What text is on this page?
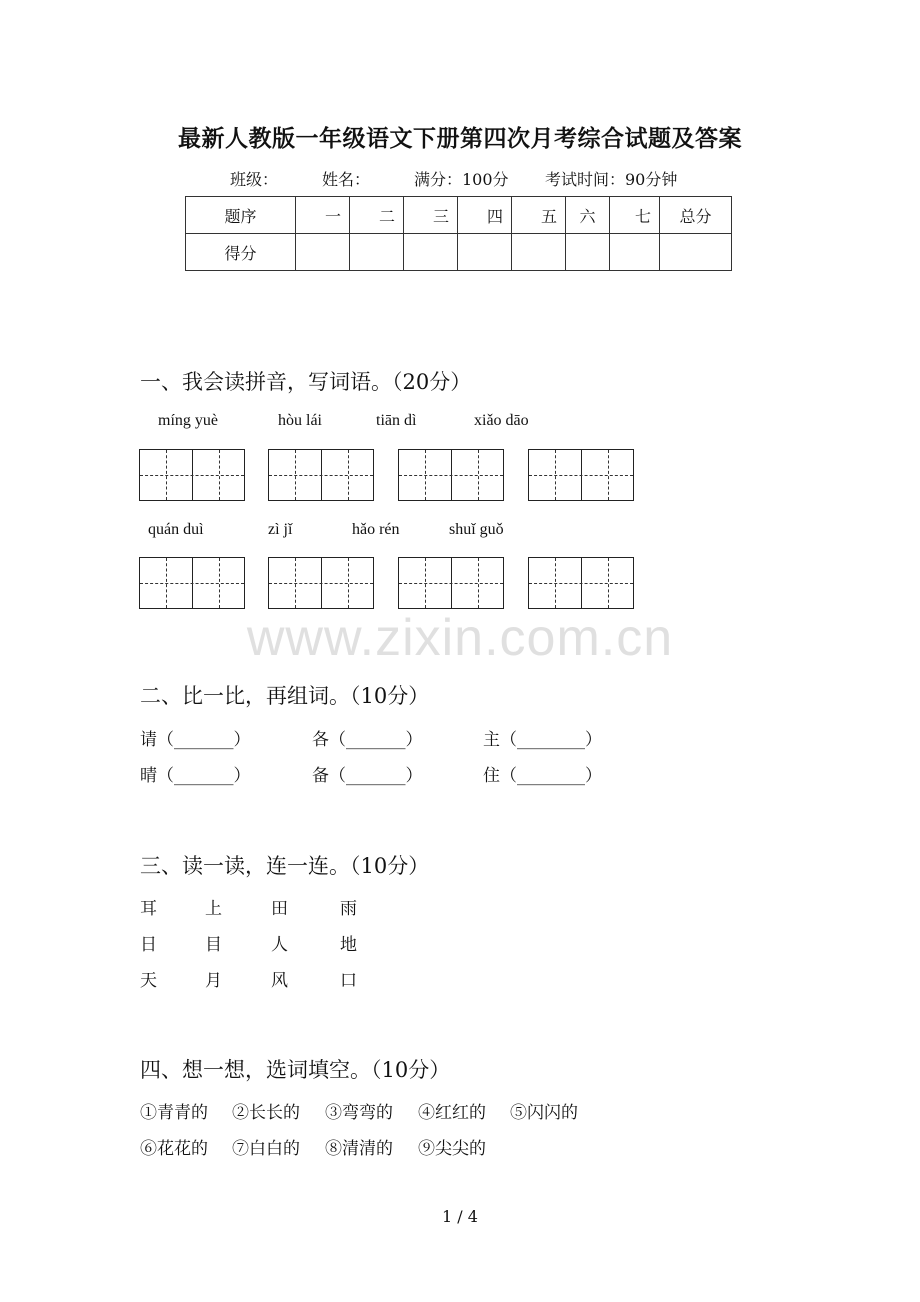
最新人教版一年级语文下册第四次月考综合试题及答案
班级：	姓名：	满分：100分 考试时间：90分钟
题序	一	二	三	四	五	六	七	总分
得分								
一、我会读拼音，写词语。（20分）
míng yuè	hòu lái	tiān dì	xiǎo dāo
quán duì	zì jǐ	hǎo rén	shuǐ guǒ
www.zixin.com.cn
二、比一比，再组词。（10分）
请（_______）	各（_______）	主（________）
晴（_______）	备（_______）	住（________）
三、读一读，连一连。（10分）
耳	上	田	雨
日	目	人	地
天	月	风	口
四、想一想，选词填空。（10分）
①青青的 ②长长的 ③弯弯的 ④红红的 ⑤闪闪的
⑥花花的 ⑦白白的 ⑧清清的 ⑨尖尖的
1 / 4
